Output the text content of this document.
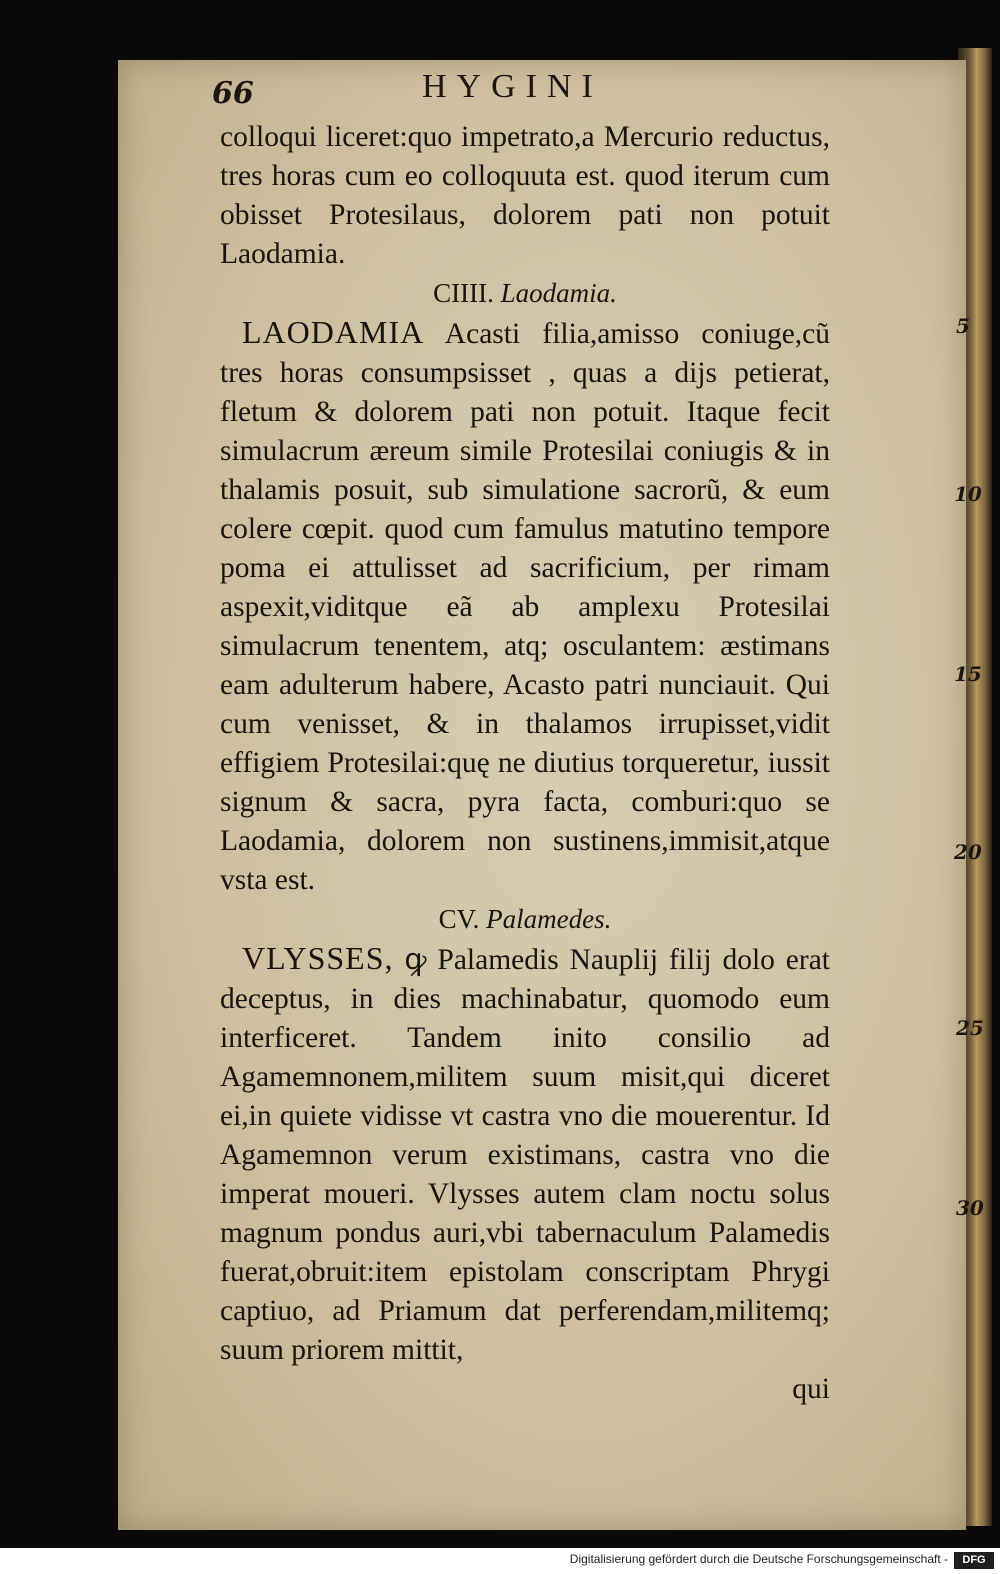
66	HYGINI

colloqui liceret:quo impetrato,a Mercurio reductus, tres horas cum eo colloquuta est. quod iterum cum obisset Protesilaus, dolorem pati non potuit Laodamia.

CIIII. Laodamia.

LAODAMIA Acasti filia,amisso coniuge,cũ tres horas consumpsisset , quas a dijs petierat, fletum & dolorem pati non potuit. Itaque fecit simulacrum æreum simile Protesilai coniugis & in thalamis posuit, sub simulatione sacrorũ, & eum colere cœpit. quod cum famulus matutino tempore poma ei attulisset ad sacrificium, per rimam aspexit,viditque eã ab amplexu Protesilai simulacrum tenentem, atq; osculantem: æstimans eam adulterum habere, Acasto patri nunciauit. Qui cum venisset, & in thalamos irrupisset,vidit effigiem Protesilai:quę ne diutius torqueretur, iussit signum & sacra, pyra facta, comburi:quo se Laodamia, dolorem non sustinens,immisit,atque vsta est.

CV. Palamedes.

VLYSSES, ꝙ Palamedis Nauplij filij dolo erat deceptus, in dies machinabatur, quomodo eum interficeret. Tandem inito consilio ad Agamemnonem,militem suum misit,qui diceret ei,in quiete vidisse vt castra vno die mouerentur. Id Agamemnon verum existimans, castra vno die imperat moueri. Vlysses autem clam noctu solus magnum pondus auri,vbi tabernaculum Palamedis fuerat,obruit:item epistolam conscriptam Phrygi captiuo, ad Priamum dat perferendam,militemq; suum priorem mittit,

qui

5
10
15
20
25
30
Digitalisierung gefördert durch die Deutsche Forschungsgemeinschaft -	DFG
